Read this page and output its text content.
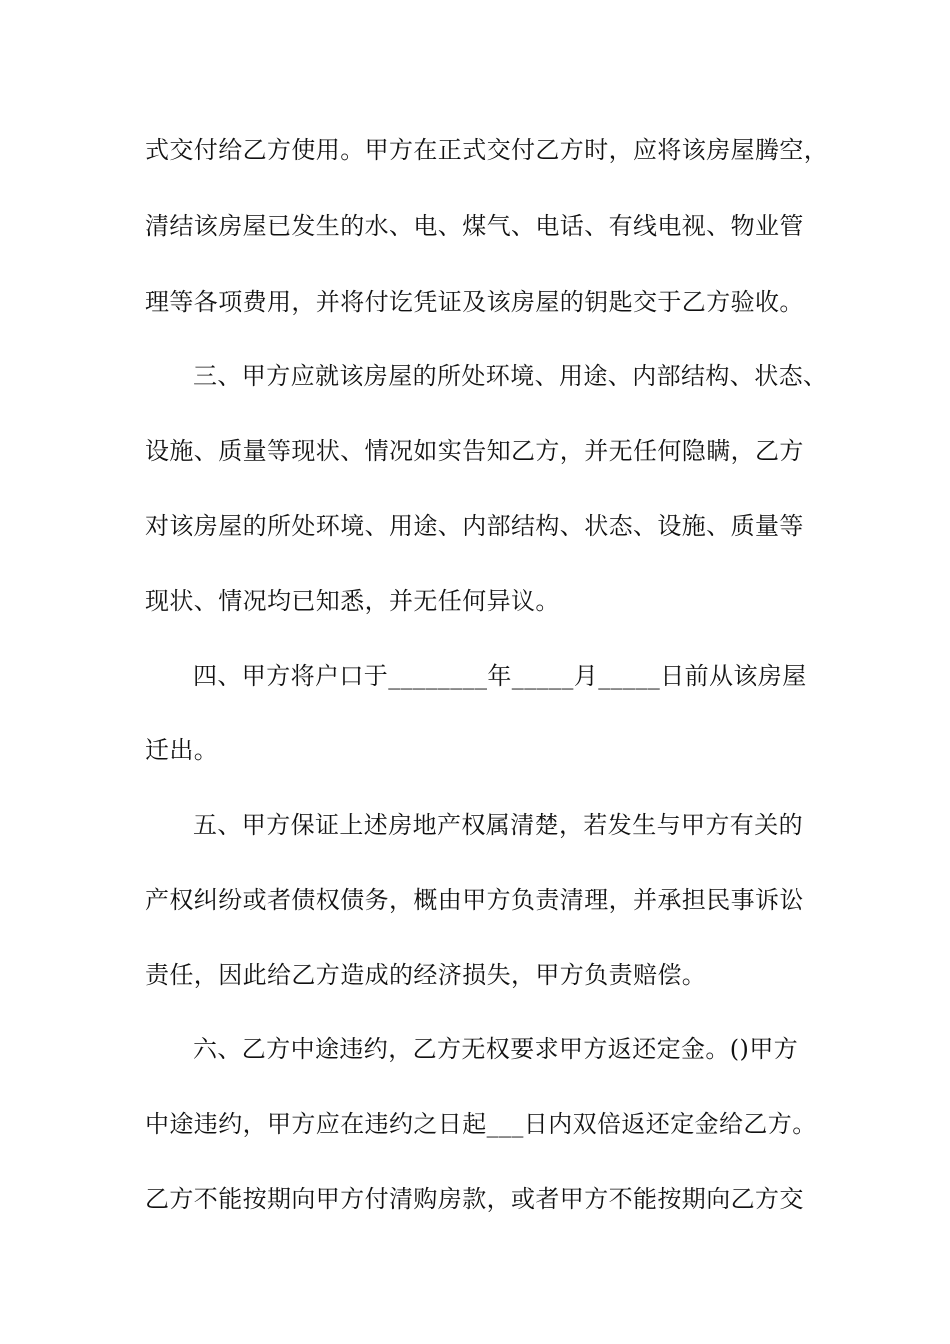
式交付给乙方使用。甲方在正式交付乙方时，应将该房屋腾空，
清结该房屋已发生的水、电、煤气、电话、有线电视、物业管
理等各项费用，并将付讫凭证及该房屋的钥匙交于乙方验收。
三、甲方应就该房屋的所处环境、用途、内部结构、状态、
设施、质量等现状、情况如实告知乙方，并无任何隐瞒，乙方
对该房屋的所处环境、用途、内部结构、状态、设施、质量等
现状、情况均已知悉，并无任何异议。
四、甲方将户口于________年_____月_____日前从该房屋
迁出。
五、甲方保证上述房地产权属清楚，若发生与甲方有关的
产权纠纷或者债权债务，概由甲方负责清理，并承担民事诉讼
责任，因此给乙方造成的经济损失，甲方负责赔偿。
六、乙方中途违约，乙方无权要求甲方返还定金。()甲方
中途违约，甲方应在违约之日起___日内双倍返还定金给乙方。
乙方不能按期向甲方付清购房款，或者甲方不能按期向乙方交
